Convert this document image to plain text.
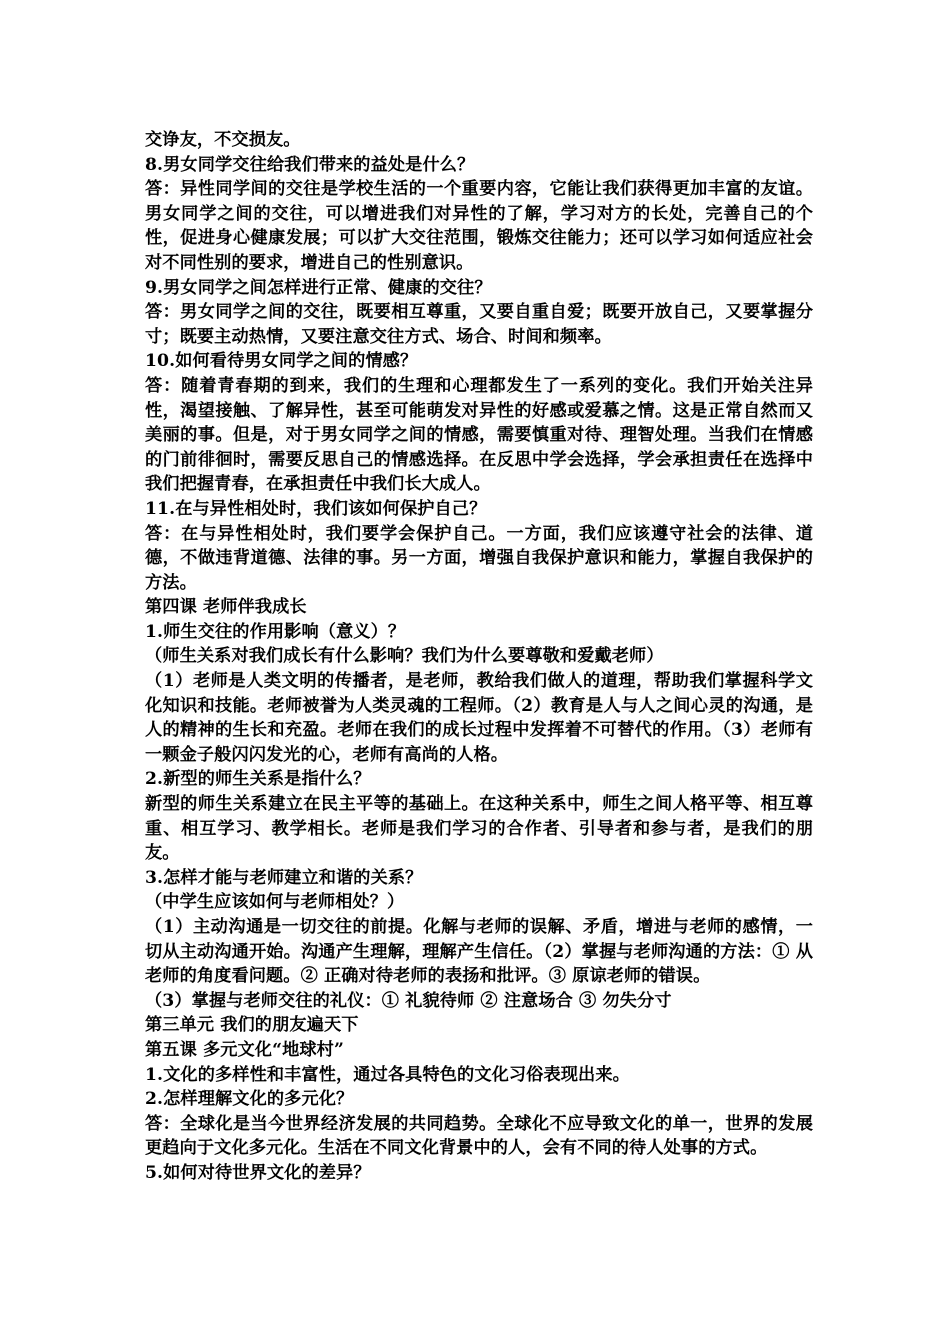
交诤友，不交损友。

8.男女同学交往给我们带来的益处是什么？

答：异性同学间的交往是学校生活的一个重要内容，它能让我们获得更加丰富的友谊。男女同学之间的交往，可以增进我们对异性的了解，学习对方的长处，完善自己的个性，促进身心健康发展；可以扩大交往范围，锻炼交往能力；还可以学习如何适应社会对不同性别的要求，增进自己的性别意识。

9.男女同学之间怎样进行正常、健康的交往？

答：男女同学之间的交往，既要相互尊重，又要自重自爱；既要开放自己，又要掌握分寸；既要主动热情，又要注意交往方式、场合、时间和频率。

10.如何看待男女同学之间的情感？

答：随着青春期的到来，我们的生理和心理都发生了一系列的变化。我们开始关注异性，渴望接触、了解异性，甚至可能萌发对异性的好感或爱慕之情。这是正常自然而又美丽的事。但是，对于男女同学之间的情感，需要慎重对待、理智处理。当我们在情感的门前徘徊时，需要反思自己的情感选择。在反思中学会选择，学会承担责任在选择中我们把握青春，在承担责任中我们长大成人。

11.在与异性相处时，我们该如何保护自己？

答：在与异性相处时，我们要学会保护自己。一方面，我们应该遵守社会的法律、道德，不做违背道德、法律的事。另一方面，增强自我保护意识和能力，掌握自我保护的方法。

第四课 老师伴我成长

1.师生交往的作用影响（意义）？

（师生关系对我们成长有什么影响？我们为什么要尊敬和爱戴老师）

（1）老师是人类文明的传播者，是老师，教给我们做人的道理，帮助我们掌握科学文化知识和技能。老师被誉为人类灵魂的工程师。（2）教育是人与人之间心灵的沟通，是人的精神的生长和充盈。老师在我们的成长过程中发挥着不可替代的作用。（3）老师有一颗金子般闪闪发光的心，老师有高尚的人格。

2.新型的师生关系是指什么？

新型的师生关系建立在民主平等的基础上。在这种关系中，师生之间人格平等、相互尊重、相互学习、教学相长。老师是我们学习的合作者、引导者和参与者，是我们的朋友。

3.怎样才能与老师建立和谐的关系？

（中学生应该如何与老师相处？）

（1）主动沟通是一切交往的前提。化解与老师的误解、矛盾，增进与老师的感情，一切从主动沟通开始。沟通产生理解，理解产生信任。（2）掌握与老师沟通的方法：① 从老师的角度看问题。② 正确对待老师的表扬和批评。③ 原谅老师的错误。

（3）掌握与老师交往的礼仪：① 礼貌待师 ② 注意场合 ③ 勿失分寸

第三单元 我们的朋友遍天下

第五课 多元文化“地球村”

1.文化的多样性和丰富性，通过各具特色的文化习俗表现出来。

2.怎样理解文化的多元化？

答：全球化是当今世界经济发展的共同趋势。全球化不应导致文化的单一，世界的发展更趋向于文化多元化。生活在不同文化背景中的人，会有不同的待人处事的方式。

5.如何对待世界文化的差异？
